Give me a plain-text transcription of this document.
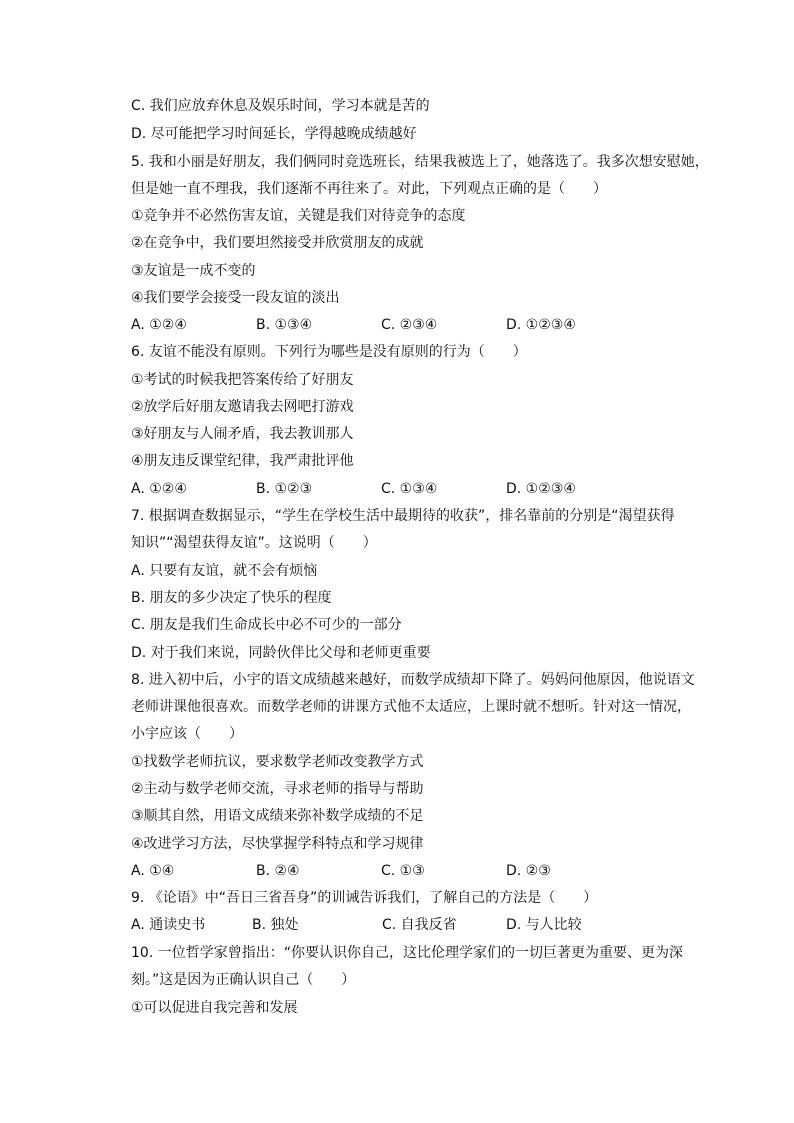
C. 我们应放弃休息及娱乐时间，学习本就是苦的
D. 尽可能把学习时间延长，学得越晚成绩越好
5. 我和小丽是好朋友，我们俩同时竞选班长，结果我被选上了，她落选了。我多次想安慰她，
但是她一直不理我，我们逐渐不再往来了。对此，下列观点正确的是（　　）
①竞争并不必然伤害友谊，关键是我们对待竞争的态度
②在竞争中，我们要坦然接受并欣赏朋友的成就
③友谊是一成不变的
④我们要学会接受一段友谊的淡出
A. ①②④	B. ①③④	C. ②③④	D. ①②③④
6. 友谊不能没有原则。下列行为哪些是没有原则的行为（　　）
①考试的时候我把答案传给了好朋友
②放学后好朋友邀请我去网吧打游戏
③好朋友与人闹矛盾，我去教训那人
④朋友违反课堂纪律，我严肃批评他
A. ①②④	B. ①②③	C. ①③④	D. ①②③④
7. 根据调查数据显示，“学生在学校生活中最期待的收获”，排名靠前的分别是“渴望获得
知识”“渴望获得友谊”。这说明（　　）
A. 只要有友谊，就不会有烦恼
B. 朋友的多少决定了快乐的程度
C. 朋友是我们生命成长中必不可少的一部分
D. 对于我们来说，同龄伙伴比父母和老师更重要
8. 进入初中后，小宇的语文成绩越来越好，而数学成绩却下降了。妈妈问他原因，他说语文
老师讲课他很喜欢。而数学老师的讲课方式他不太适应，上课时就不想听。针对这一情况，
小宇应该（　　）
①找数学老师抗议，要求数学老师改变教学方式
②主动与数学老师交流，寻求老师的指导与帮助
③顺其自然，用语文成绩来弥补数学成绩的不足
④改进学习方法，尽快掌握学科特点和学习规律
A. ①④	B. ②④	C. ①③	D. ②③
9. 《论语》中“吾日三省吾身”的训诫告诉我们，了解自己的方法是（　　）
A. 通读史书	B. 独处	C. 自我反省	D. 与人比较
10. 一位哲学家曾指出：“你要认识你自己，这比伦理学家们的一切巨著更为重要、更为深
刻。”这是因为正确认识自己（　　）
①可以促进自我完善和发展
